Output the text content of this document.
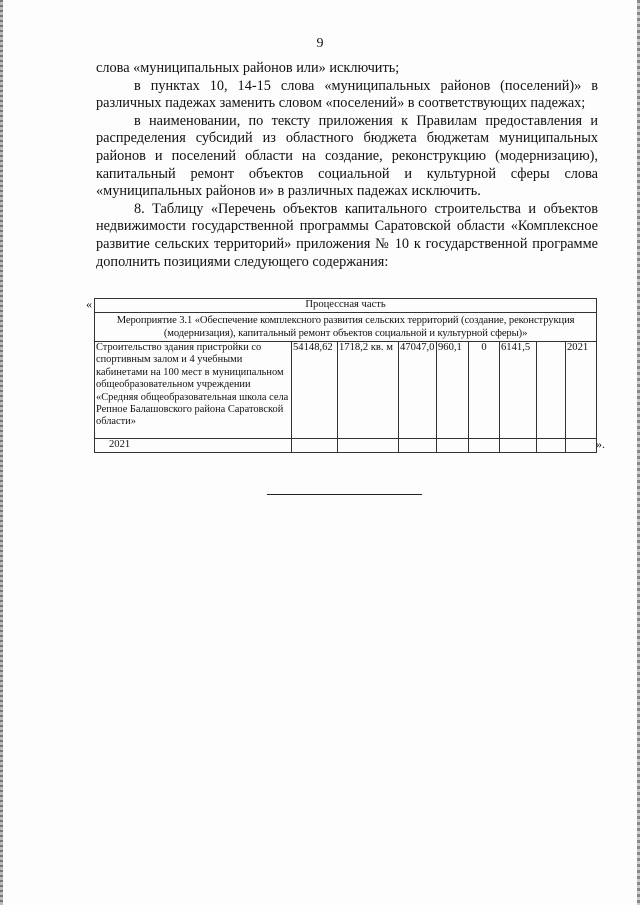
9

слова «муниципальных районов или» исключить;

в пунктах 10, 14-15 слова «муниципальных районов (поселений)» в различных падежах заменить словом «поселений» в соответствующих падежах;

в наименовании, по тексту приложения к Правилам предоставления и распределения субсидий из областного бюджета бюджетам муниципальных районов и поселений области на создание, реконструкцию (модернизацию), капитальный ремонт объектов социальной и культурной сферы слова «муниципальных районов и» в различных падежах исключить.

8. Таблицу «Перечень объектов капитального строительства и объектов недвижимости государственной программы Саратовской области «Комплексное развитие сельских территорий» приложения № 10 к государственной программе дополнить позициями следующего содержания:

«	Процессная часть								
Мероприятие 3.1 «Обеспечение комплексного развития сельских территорий (создание, реконструкция (модернизация), капитальный ремонт объектов социальной и культурной сферы)»								
Строительство здания пристройки со спортивным залом и 4 учебными кабинетами на 100 мест в муниципальном общеобразовательном учреждении «Средняя общеобразовательная школа села Репное Балашовского района Саратовской области»	54148,62	1718,2 кв. м	47047,0	960,1	0	6141,5		2021
2021									».
